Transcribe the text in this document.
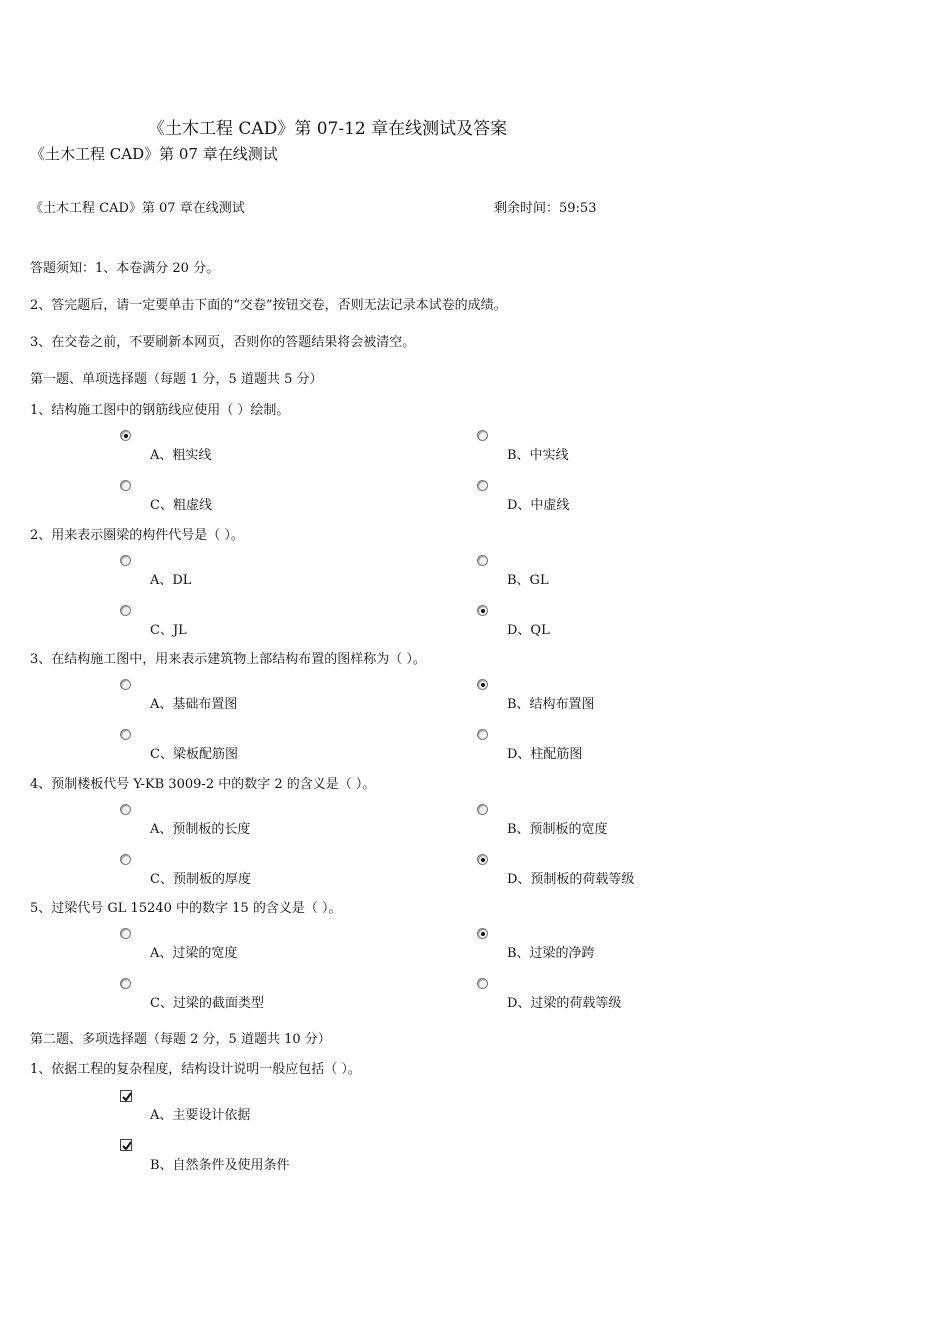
《土木工程 CAD》第 07-12 章在线测试及答案
《土木工程 CAD》第 07 章在线测试
《土木工程 CAD》第 07 章在线测试	剩余时间：59:53
答题须知：1、本卷满分 20 分。
2、答完题后，请一定要单击下面的“交卷”按钮交卷，否则无法记录本试卷的成绩。
3、在交卷之前，不要刷新本网页，否则你的答题结果将会被清空。
第一题、单项选择题（每题 1 分，5 道题共 5 分）
1、结构施工图中的钢筋线应使用（ ）绘制。
A、粗实线	B、中实线
C、粗虚线	D、中虚线
2、用来表示圈梁的构件代号是（ ）。
A、DL	B、GL
C、JL	D、QL
3、在结构施工图中，用来表示建筑物上部结构布置的图样称为（ ）。
A、基础布置图	B、结构布置图
C、梁板配筋图	D、柱配筋图
4、预制楼板代号 Y-KB 3009-2 中的数字 2 的含义是（ ）。
A、预制板的长度	B、预制板的宽度
C、预制板的厚度	D、预制板的荷载等级
5、过梁代号 GL 15240 中的数字 15 的含义是（ ）。
A、过梁的宽度	B、过梁的净跨
C、过梁的截面类型	D、过梁的荷载等级
第二题、多项选择题（每题 2 分，5 道题共 10 分）
1、依据工程的复杂程度，结构设计说明一般应包括（ ）。
A、主要设计依据
B、自然条件及使用条件
